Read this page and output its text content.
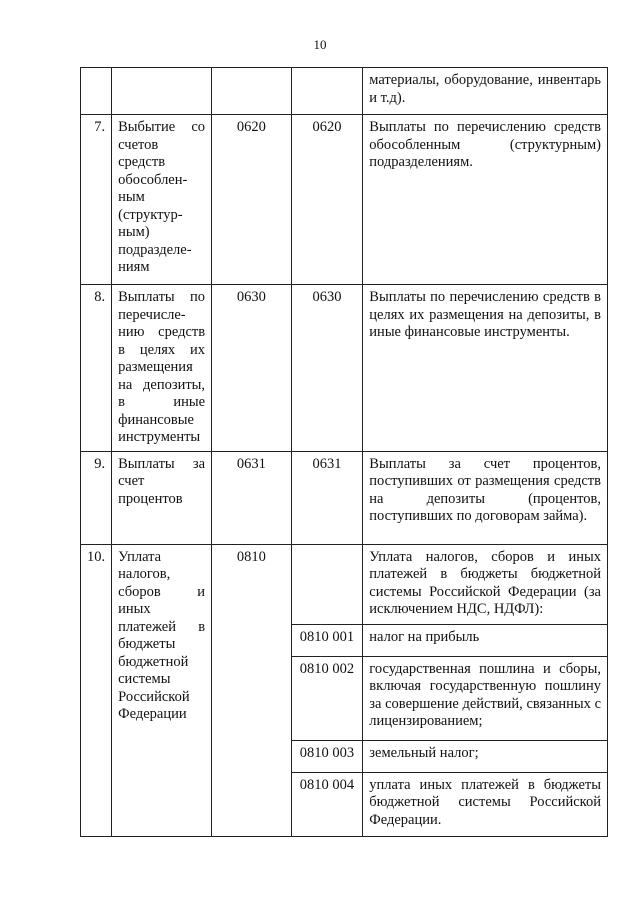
10
				материалы, оборудование, инвентарь и т.д).
7.	Выбытие со счетов средств обособлен-ным (структур-ным) подразделе-ниям	0620	0620	Выплаты по перечислению средств обособленным (структурным) подразделениям.
8.	Выплаты по перечисле-нию средств в целях их размещения на депозиты, в иные финансовые инструменты	0630	0630	Выплаты по перечислению средств в целях их размещения на депозиты, в иные финансовые инструменты.
9.	Выплаты за счет процентов	0631	0631	Выплаты за счет процентов, поступивших от размещения средств на депозиты (процентов, поступивших по договорам займа).
10.	Уплата налогов, сборов и иных платежей в бюджеты бюджетной системы Российской Федерации	0810		Уплата налогов, сборов и иных платежей в бюджеты бюджетной системы Российской Федерации (за исключением НДС, НДФЛ):
			0810 001	налог на прибыль
			0810 002	государственная пошлина и сборы, включая государственную пошлину за совершение действий, связанных с лицензированием;
			0810 003	земельный налог;
			0810 004	уплата иных платежей в бюджеты бюджетной системы Российской Федерации.
